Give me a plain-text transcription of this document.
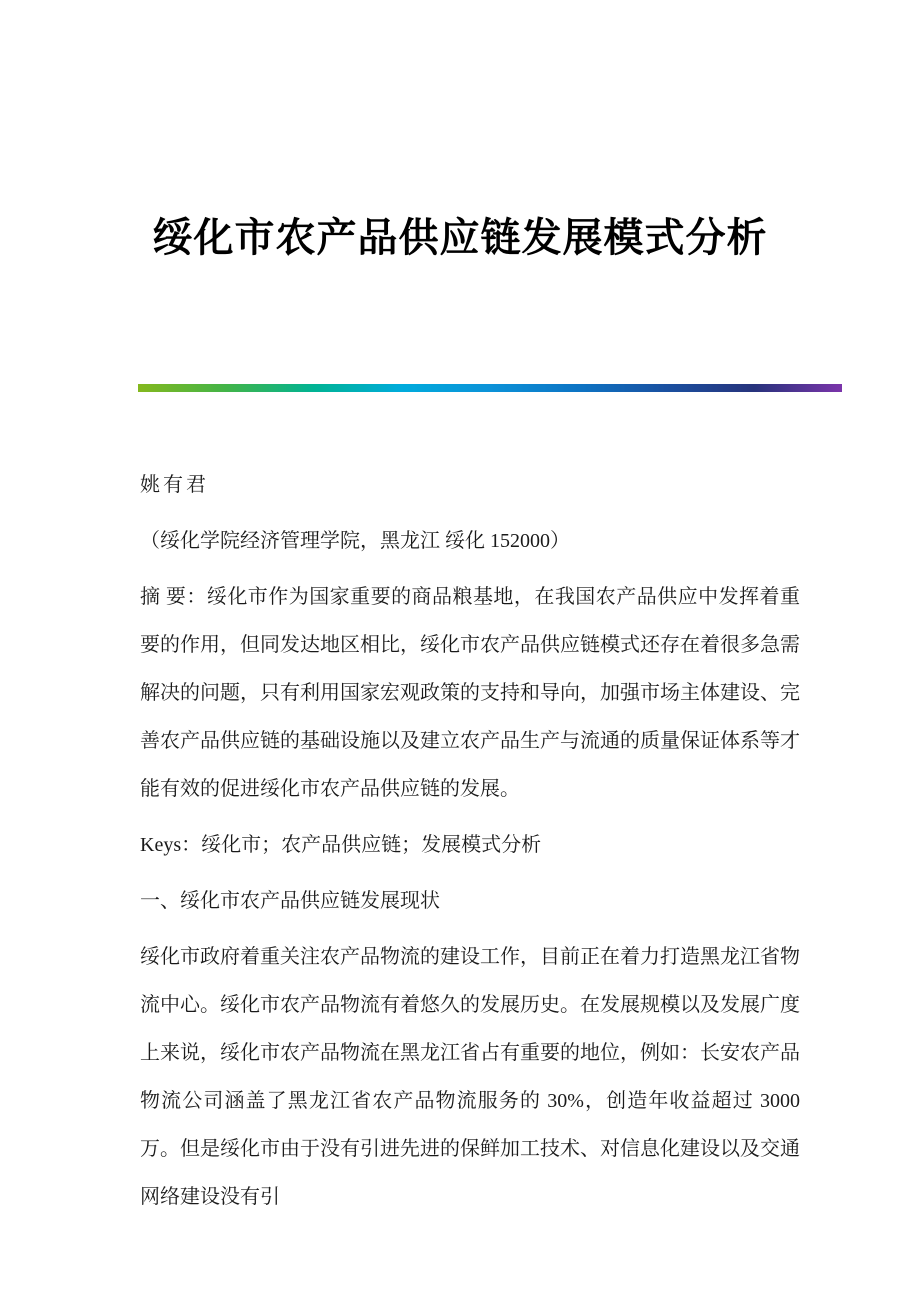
绥化市农产品供应链发展模式分析

姚有君

（绥化学院经济管理学院，黑龙江 绥化 152000）

摘 要：绥化市作为国家重要的商品粮基地，在我国农产品供应中发挥着重要的作用，但同发达地区相比，绥化市农产品供应链模式还存在着很多急需解决的问题，只有利用国家宏观政策的支持和导向，加强市场主体建设、完善农产品供应链的基础设施以及建立农产品生产与流通的质量保证体系等才能有效的促进绥化市农产品供应链的发展。

Keys：绥化市；农产品供应链；发展模式分析

一、绥化市农产品供应链发展现状

绥化市政府着重关注农产品物流的建设工作，目前正在着力打造黑龙江省物流中心。绥化市农产品物流有着悠久的发展历史。在发展规模以及发展广度上来说，绥化市农产品物流在黑龙江省占有重要的地位，例如：长安农产品物流公司涵盖了黑龙江省农产品物流服务的 30%，创造年收益超过 3000 万。但是绥化市由于没有引进先进的保鲜加工技术、对信息化建设以及交通网络建设没有引
